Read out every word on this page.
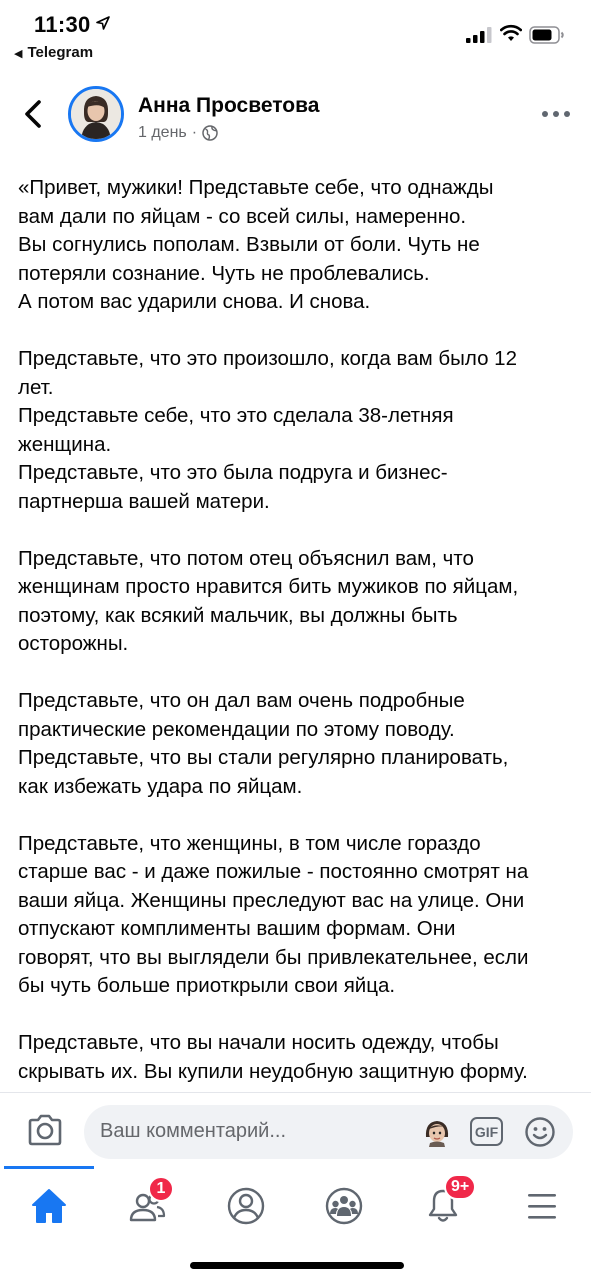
11:30
◀ Telegram
Анна Просветова
1 день ·

«Привет, мужики! Представьте себе, что однажды
вам дали по яйцам - со всей силы, намеренно.
Вы согнулись пополам. Взвыли от боли. Чуть не
потеряли сознание. Чуть не проблевались.
А потом вас ударили снова. И снова.

Представьте, что это произошло, когда вам было 12
лет.
Представьте себе, что это сделала 38-летняя
женщина.
Представьте, что это была подруга и бизнес-
партнерша вашей матери.

Представьте, что потом отец объяснил вам, что
женщинам просто нравится бить мужиков по яйцам,
поэтому, как всякий мальчик, вы должны быть
осторожны.

Представьте, что он дал вам очень подробные
практические рекомендации по этому поводу.
Представьте, что вы стали регулярно планировать,
как избежать удара по яйцам.

Представьте, что женщины, в том числе гораздо
старше вас - и даже пожилые - постоянно смотрят на
ваши яйца. Женщины преследуют вас на улице. Они
отпускают комплименты вашим формам. Они
говорят, что вы выглядели бы привлекательнее, если
бы чуть больше приоткрыли свои яйца.

Представьте, что вы начали носить одежду, чтобы
скрывать их. Вы купили неудобную защитную форму.

Ваш комментарий...	GIF
1	9+
